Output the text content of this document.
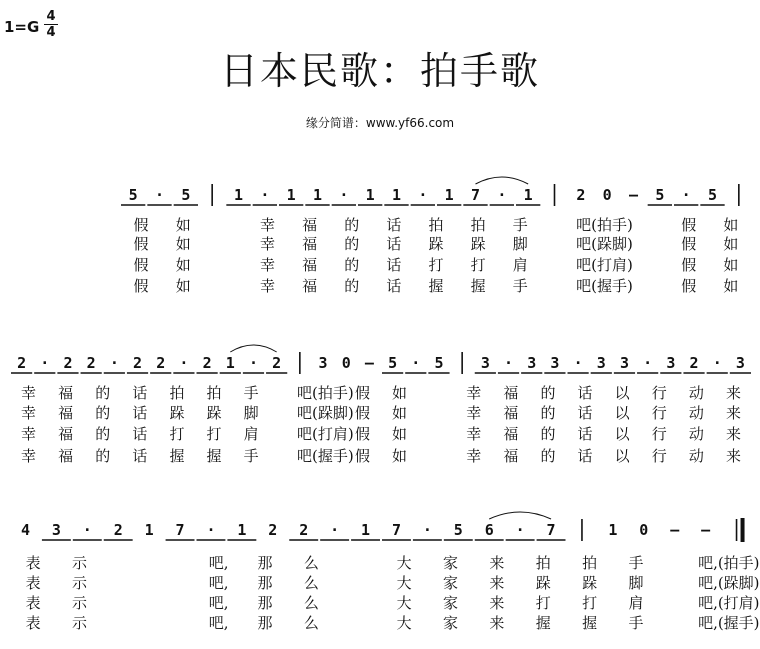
1=G
4
4
日本民歌：拍手歌
缘分简谱：www.yf66.com
5 · 5	1 · 1 1 · 1 1 · 1 7 · 1	2 0 – 5 · 5
假 如	幸 福 的 话 拍 拍 手	吧(拍手)	假 如
假 如	幸 福 的 话 跺 跺 脚	吧(跺脚)	假 如
假 如	幸 福 的 话 打 打 肩	吧(打肩)	假 如
假 如	幸 福 的 话 握 握 手	吧(握手)	假 如
2 · 2 2 · 2 2 · 2 1 · 2 3 0 – 5 · 5 3 · 3 3 · 3 3 · 3 2 · 3
幸 福 的 话 拍 拍 手	吧(拍手) 假 如	幸 福 的 话 以 行 动 来
幸 福 的 话 跺 跺 脚	吧(跺脚) 假 如	幸 福 的 话 以 行 动 来
幸 福 的 话 打 打 肩	吧(打肩) 假 如	幸 福 的 话 以 行 动 来
幸 福 的 话 握 握 手	吧(握手) 假 如	幸 福 的 话 以 行 动 来
4 3 · 2 1 7 · 1 2 2 · 1 7 · 5 6 · 7	1 0 – –
表 示	吧, 那 么	大 家 来 拍 拍 手	吧,(拍手)
表 示	吧, 那 么	大 家 来 跺 跺 脚	吧,(跺脚)
表 示	吧, 那 么	大 家 来 打 打 肩	吧,(打肩)
表 示	吧, 那 么	大 家 来 握 握 手	吧,(握手)
